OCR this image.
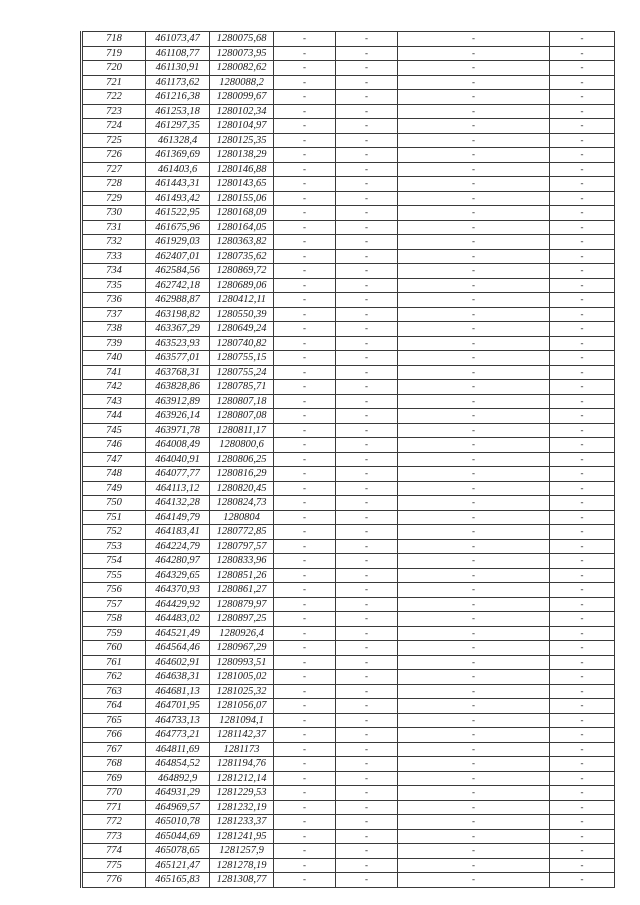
718	461073,47	1280075,68	-	-	-	-
719	461108,77	1280073,95	-	-	-	-
720	461130,91	1280082,62	-	-	-	-
721	461173,62	1280088,2	-	-	-	-
722	461216,38	1280099,67	-	-	-	-
723	461253,18	1280102,34	-	-	-	-
724	461297,35	1280104,97	-	-	-	-
725	461328,4	1280125,35	-	-	-	-
726	461369,69	1280138,29	-	-	-	-
727	461403,6	1280146,88	-	-	-	-
728	461443,31	1280143,65	-	-	-	-
729	461493,42	1280155,06	-	-	-	-
730	461522,95	1280168,09	-	-	-	-
731	461675,96	1280164,05	-	-	-	-
732	461929,03	1280363,82	-	-	-	-
733	462407,01	1280735,62	-	-	-	-
734	462584,56	1280869,72	-	-	-	-
735	462742,18	1280689,06	-	-	-	-
736	462988,87	1280412,11	-	-	-	-
737	463198,82	1280550,39	-	-	-	-
738	463367,29	1280649,24	-	-	-	-
739	463523,93	1280740,82	-	-	-	-
740	463577,01	1280755,15	-	-	-	-
741	463768,31	1280755,24	-	-	-	-
742	463828,86	1280785,71	-	-	-	-
743	463912,89	1280807,18	-	-	-	-
744	463926,14	1280807,08	-	-	-	-
745	463971,78	1280811,17	-	-	-	-
746	464008,49	1280800,6	-	-	-	-
747	464040,91	1280806,25	-	-	-	-
748	464077,77	1280816,29	-	-	-	-
749	464113,12	1280820,45	-	-	-	-
750	464132,28	1280824,73	-	-	-	-
751	464149,79	1280804	-	-	-	-
752	464183,41	1280772,85	-	-	-	-
753	464224,79	1280797,57	-	-	-	-
754	464280,97	1280833,96	-	-	-	-
755	464329,65	1280851,26	-	-	-	-
756	464370,93	1280861,27	-	-	-	-
757	464429,92	1280879,97	-	-	-	-
758	464483,02	1280897,25	-	-	-	-
759	464521,49	1280926,4	-	-	-	-
760	464564,46	1280967,29	-	-	-	-
761	464602,91	1280993,51	-	-	-	-
762	464638,31	1281005,02	-	-	-	-
763	464681,13	1281025,32	-	-	-	-
764	464701,95	1281056,07	-	-	-	-
765	464733,13	1281094,1	-	-	-	-
766	464773,21	1281142,37	-	-	-	-
767	464811,69	1281173	-	-	-	-
768	464854,52	1281194,76	-	-	-	-
769	464892,9	1281212,14	-	-	-	-
770	464931,29	1281229,53	-	-	-	-
771	464969,57	1281232,19	-	-	-	-
772	465010,78	1281233,37	-	-	-	-
773	465044,69	1281241,95	-	-	-	-
774	465078,65	1281257,9	-	-	-	-
775	465121,47	1281278,19	-	-	-	-
776	465165,83	1281308,77	-	-	-	-
